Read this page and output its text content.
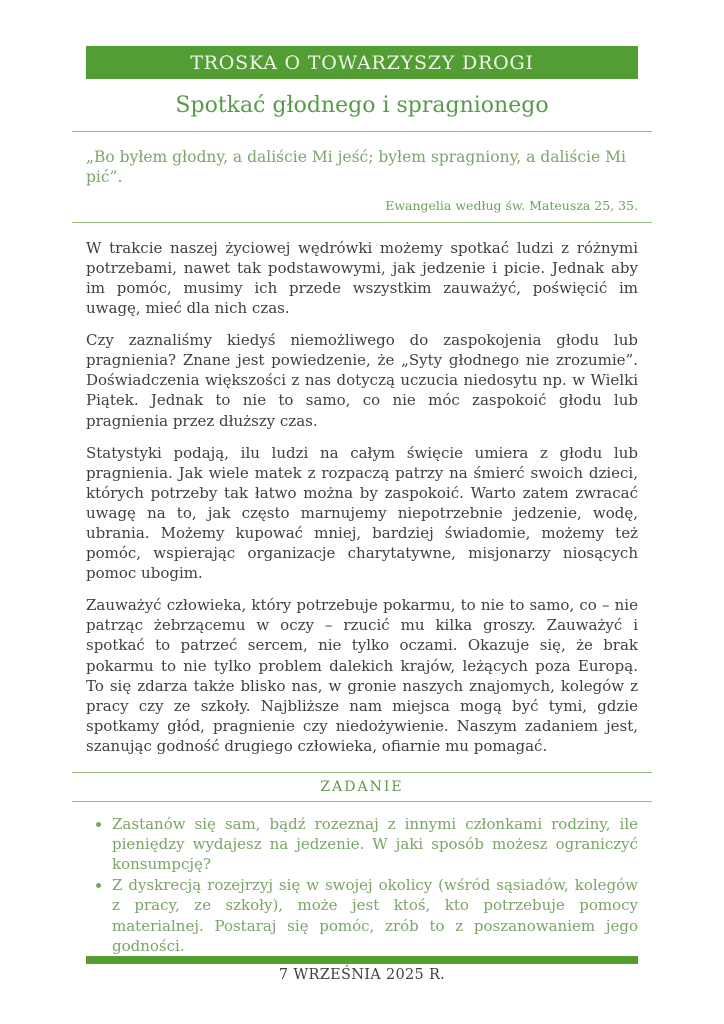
TROSKA O TOWARZYSZY DROGI
Spotkać głodnego i spragnionego
„Bo byłem głodny, a daliście Mi jeść; byłem spragniony, a daliście Mi pić”.
Ewangelia według św. Mateusza 25, 35.

W trakcie naszej życiowej wędrówki możemy spotkać ludzi z różnymi potrzebami, nawet tak podstawowymi, jak jedzenie i picie. Jednak aby im pomóc, musimy ich przede wszystkim zauważyć, poświęcić im uwagę, mieć dla nich czas.

Czy zaznaliśmy kiedyś niemożliwego do zaspokojenia głodu lub pragnienia? Znane jest powiedzenie, że „Syty głodnego nie zrozumie”. Doświadczenia większości z nas dotyczą uczucia niedosytu np. w Wielki Piątek. Jednak to nie to samo, co nie móc zaspokoić głodu lub pragnienia przez dłuższy czas.

Statystyki podają, ilu ludzi na całym święcie umiera z głodu lub pragnienia. Jak wiele matek z rozpaczą patrzy na śmierć swoich dzieci, których potrzeby tak łatwo można by zaspokoić. Warto zatem zwracać uwagę na to, jak często marnujemy niepotrzebnie jedzenie, wodę, ubrania. Możemy kupować mniej, bardziej świadomie, możemy też pomóc, wspierając organizacje charytatywne, misjonarzy niosących pomoc ubogim.

Zauważyć człowieka, który potrzebuje pokarmu, to nie to samo, co – nie patrząc żebrzącemu w oczy – rzucić mu kilka groszy. Zauważyć i spotkać to patrzeć sercem, nie tylko oczami. Okazuje się, że brak pokarmu to nie tylko problem dalekich krajów, leżących poza Europą. To się zdarza także blisko nas, w gronie naszych znajomych, kolegów z pracy czy ze szkoły. Najbliższe nam miejsca mogą być tymi, gdzie spotkamy głód, pragnienie czy niedożywienie. Naszym zadaniem jest, szanując godność drugiego człowieka, ofiarnie mu pomagać.

ZADANIE
• Zastanów się sam, bądź rozeznaj z innymi członkami rodziny, ile pieniędzy wydajesz na jedzenie. W jaki sposób możesz ograniczyć konsumpcję?
• Z dyskrecją rozejrzyj się w swojej okolicy (wśród sąsiadów, kolegów z pracy, ze szkoły), może jest ktoś, kto potrzebuje pomocy materialnej. Postaraj się pomóc, zrób to z poszanowaniem jego godności.
7 WRZEŚNIA 2025 R.
